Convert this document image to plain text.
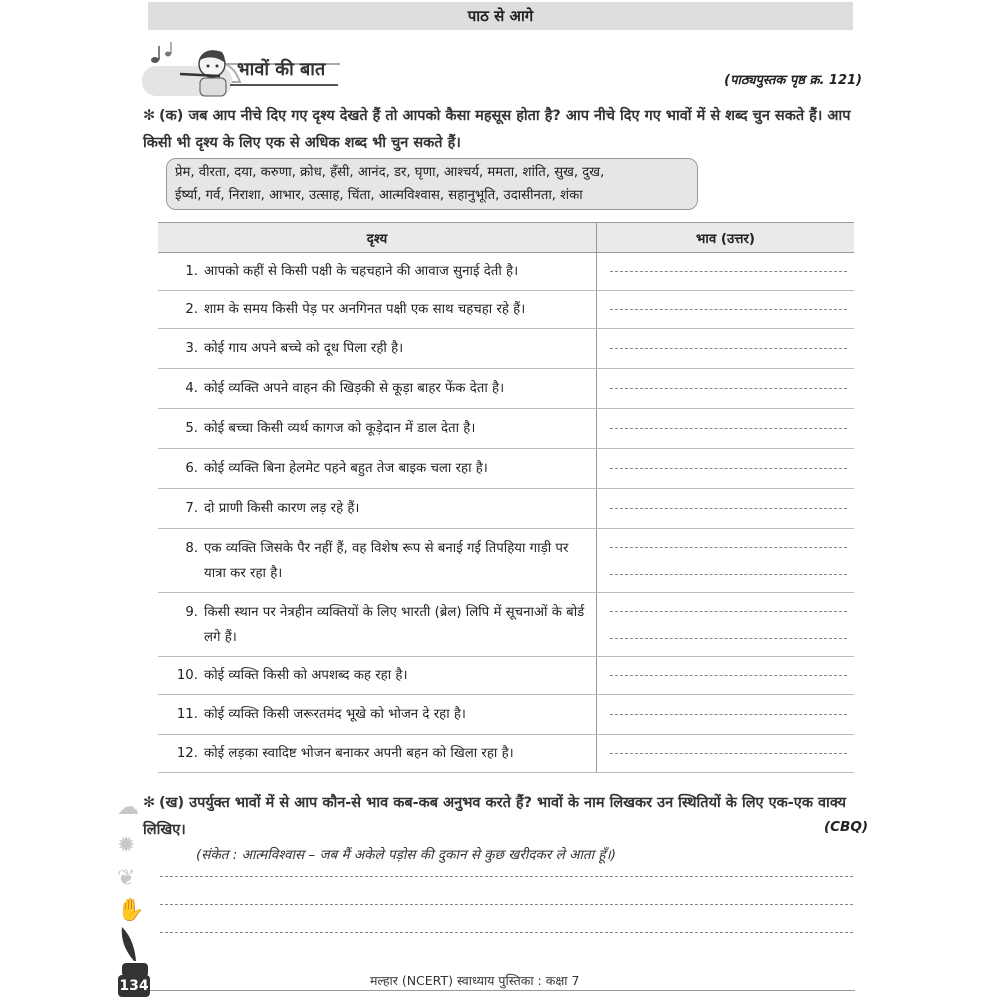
पाठ से आगे
भावों की बात
(पाठ्यपुस्तक पृष्ठ क्र. 121)
✻ (क) जब आप नीचे दिए गए दृश्य देखते हैं तो आपको कैसा महसूस होता है? आप नीचे दिए गए भावों में से शब्द चुन सकते हैं। आप किसी भी दृश्य के लिए एक से अधिक शब्द भी चुन सकते हैं।
प्रेम, वीरता, दया, करुणा, क्रोध, हँसी, आनंद, डर, घृणा, आश्चर्य, ममता, शांति, सुख, दुख,
ईर्ष्या, गर्व, निराशा, आभार, उत्साह, चिंता, आत्मविश्वास, सहानुभूति, उदासीनता, शंका
दृश्य	भाव (उत्तर)

1. आपको कहीं से किसी पक्षी के चहचहाने की आवाज सुनाई देती है।	

2. शाम के समय किसी पेड़ पर अनगिनत पक्षी एक साथ चहचहा रहे हैं।	

3. कोई गाय अपने बच्चे को दूध पिला रही है।	

4. कोई व्यक्ति अपने वाहन की खिड़की से कूड़ा बाहर फेंक देता है।	

5. कोई बच्चा किसी व्यर्थ कागज को कूड़ेदान में डाल देता है।	

6. कोई व्यक्ति बिना हेलमेट पहने बहुत तेज बाइक चला रहा है।	

7. दो प्राणी किसी कारण लड़ रहे हैं।	

8. एक व्यक्ति जिसके पैर नहीं हैं, वह विशेष रूप से बनाई गई तिपहिया गाड़ी पर यात्रा कर रहा है।	

9. किसी स्थान पर नेत्रहीन व्यक्तियों के लिए भारती (ब्रेल) लिपि में सूचनाओं के बोर्ड लगे हैं।	

10. कोई व्यक्ति किसी को अपशब्द कह रहा है।	

11. कोई व्यक्ति किसी जरूरतमंद भूखे को भोजन दे रहा है।	

12. कोई लड़का स्वादिष्ट भोजन बनाकर अपनी बहन को खिला रहा है।	

✻ (ख) उपर्युक्त भावों में से आप कौन-से भाव कब-कब अनुभव करते हैं? भावों के नाम लिखकर उन स्थितियों के लिए एक-एक वाक्य लिखिए।	(CBQ)
(संकेत : आत्मविश्वास – जब मैं अकेले पड़ोस की दुकान से कुछ खरीदकर ले आता हूँ।)
☁
✹
❦
✋
134	मल्हार (NCERT) स्वाध्याय पुस्तिका : कक्षा 7
